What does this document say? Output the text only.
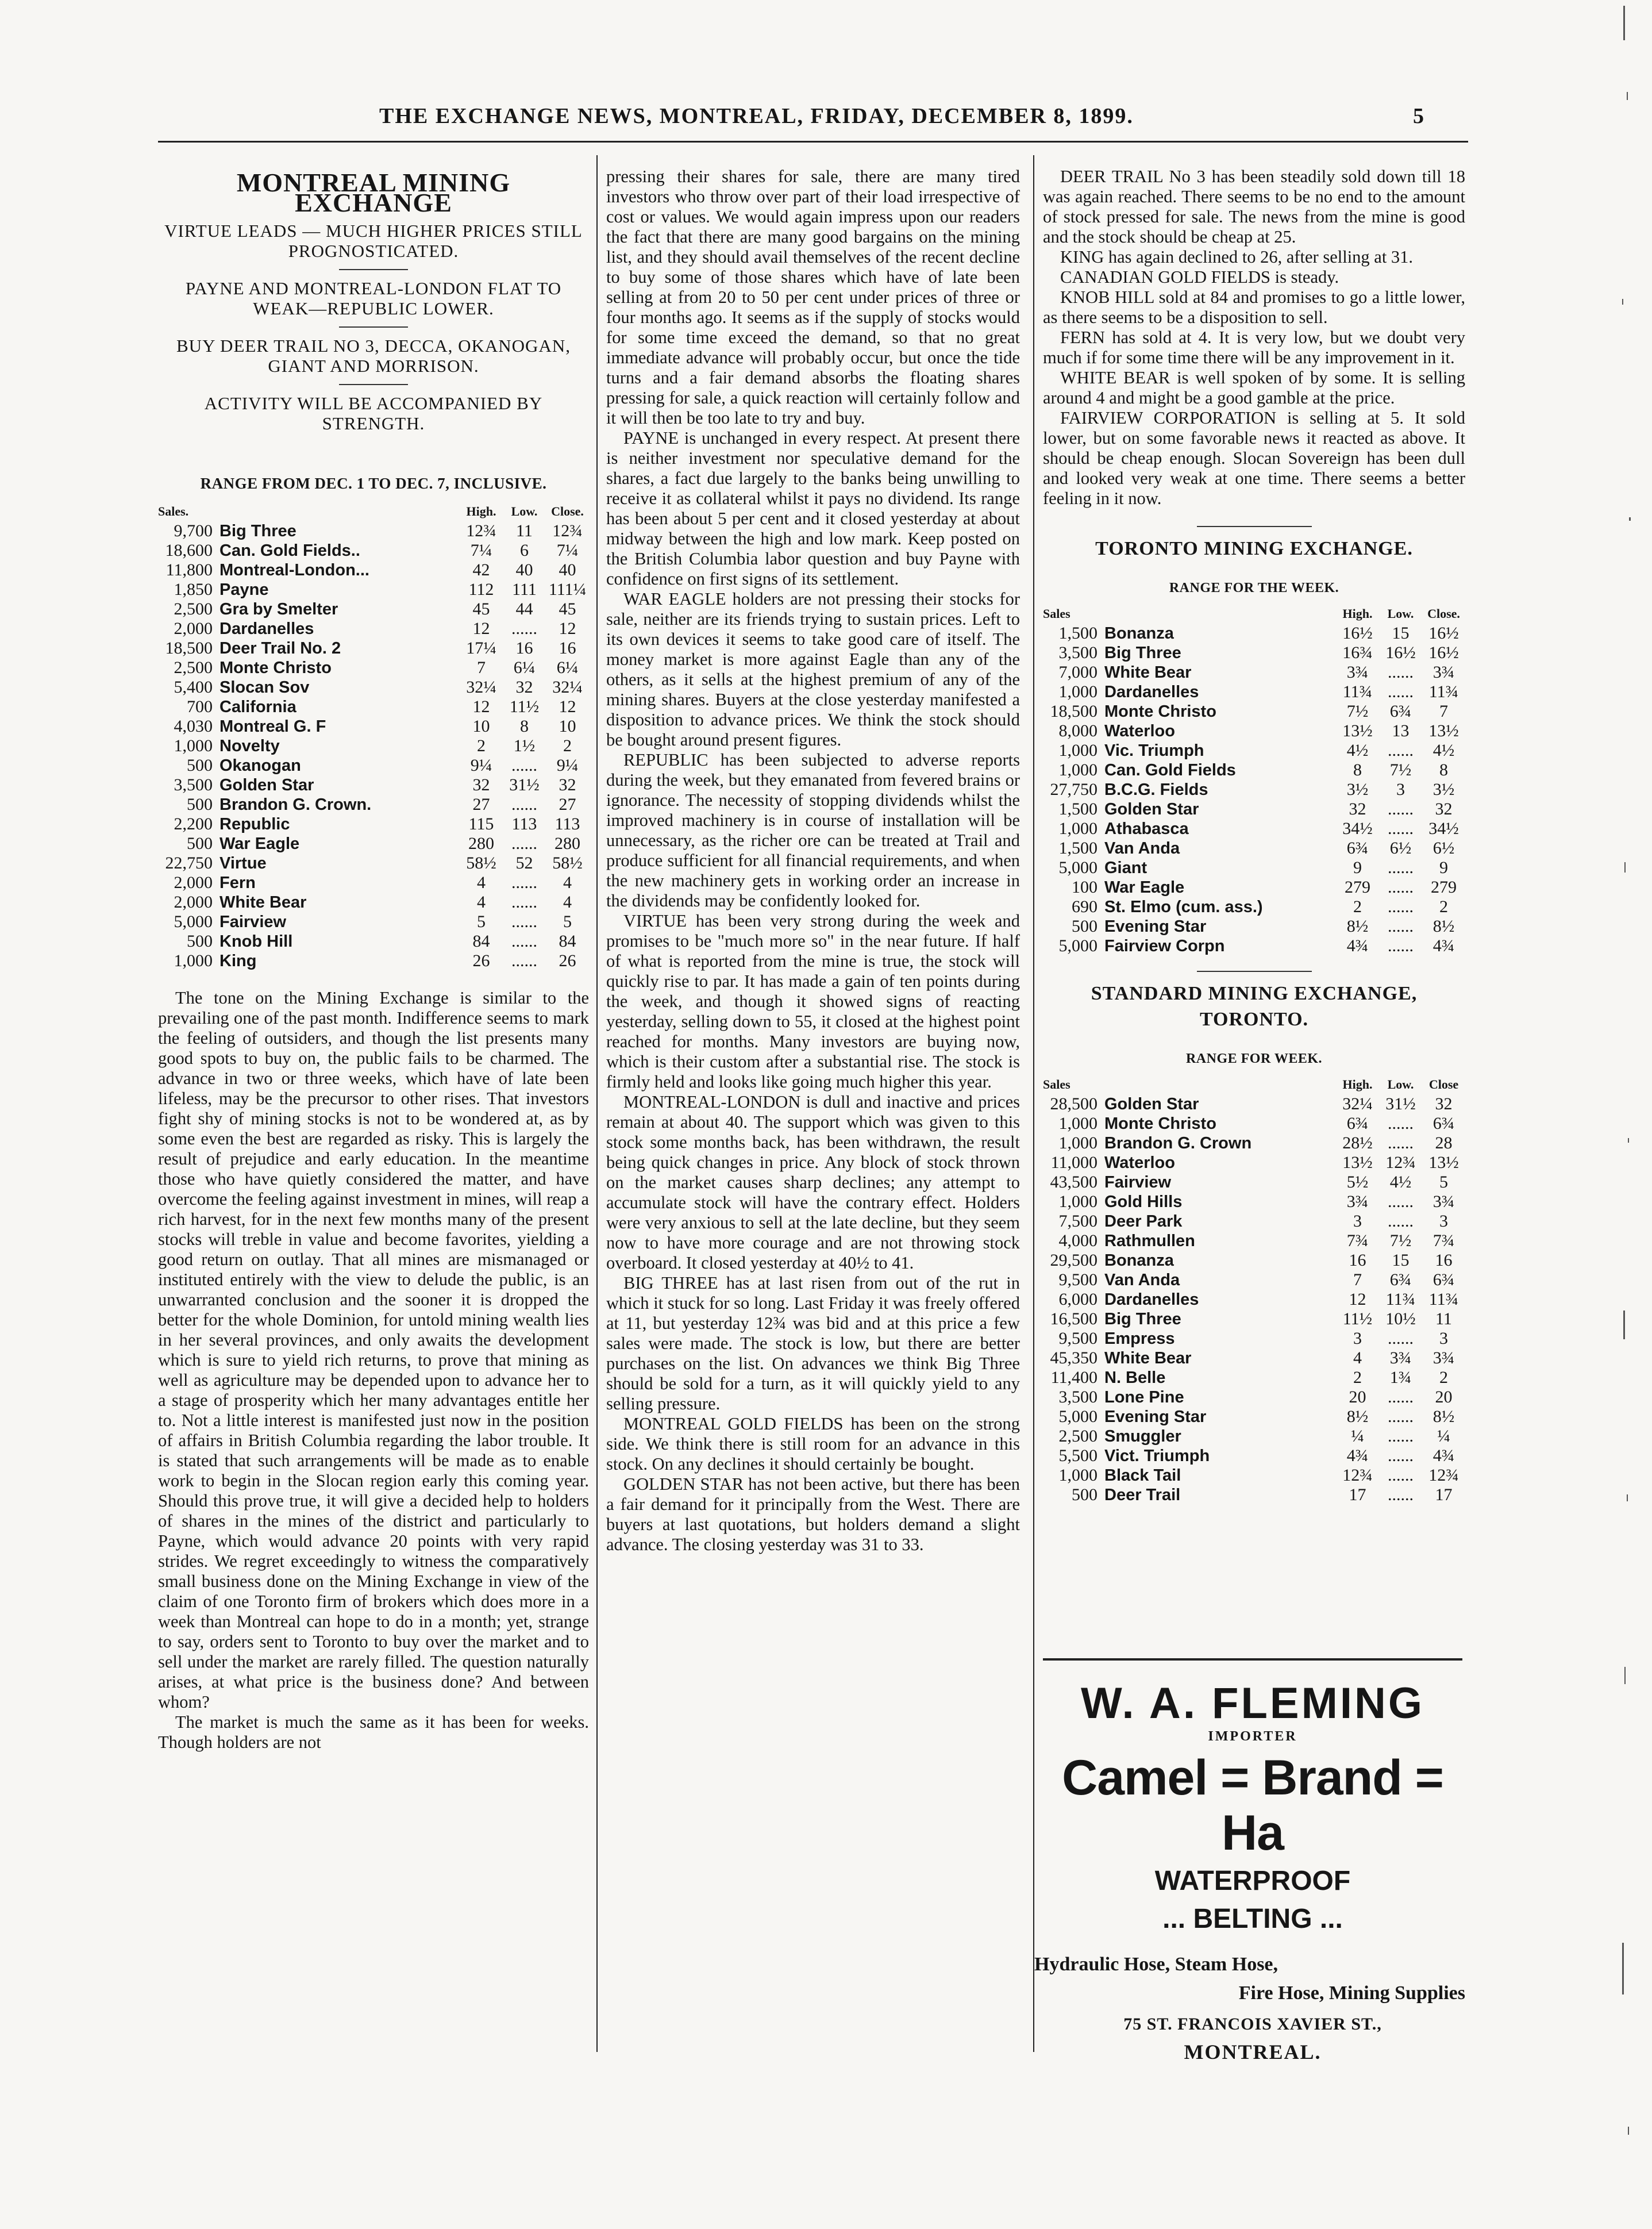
THE EXCHANGE NEWS, MONTREAL, FRIDAY, DECEMBER 8, 1899.	5
MONTREAL MINING EXCHANGE
VIRTUE LEADS — MUCH HIGHER PRICES STILL PROGNOSTICATED.
PAYNE AND MONTREAL-LONDON FLAT TO WEAK—REPUBLIC LOWER.
BUY DEER TRAIL NO 3, DECCA, OKANOGAN, GIANT AND MORRISON.
ACTIVITY WILL BE ACCOMPANIED BY STRENGTH.
RANGE FROM DEC. 1 TO DEC. 7, INCLUSIVE.
Sales.		High.	Low.	Close.
9,700	Big Three	12¾	11	12¾
18,600	Can. Gold Fields..	7¼	6	7¼
11,800	Montreal-London...	42	40	40
1,850	Payne	112	111	111¼
2,500	Gra by Smelter	45	44	45
2,000	Dardanelles	12	......	12
18,500	Deer Trail No. 2	17¼	16	16
2,500	Monte Christo	7	6¼	6¼
5,400	Slocan Sov	32¼	32	32¼
700	California	12	11½	12
4,030	Montreal G. F	10	8	10
1,000	Novelty	2	1½	2
500	Okanogan	9¼	......	9¼
3,500	Golden Star	32	31½	32
500	Brandon G. Crown.	27	......	27
2,200	Republic	115	113	113
500	War Eagle	280	......	280
22,750	Virtue	58½	52	58½
2,000	Fern	4	......	4
2,000	White Bear	4	......	4
5,000	Fairview	5	......	5
500	Knob Hill	84	......	84
1,000	King	26	......	26

The tone on the Mining Exchange is similar to the prevailing one of the past month. Indifference seems to mark the feeling of outsiders, and though the list presents many good spots to buy on, the public fails to be charmed. The advance in two or three weeks, which have of late been lifeless, may be the precursor to other rises. That investors fight shy of mining stocks is not to be wondered at, as by some even the best are regarded as risky. This is largely the result of prejudice and early education. In the meantime those who have quietly considered the matter, and have overcome the feeling against investment in mines, will reap a rich harvest, for in the next few months many of the present stocks will treble in value and become favorites, yielding a good return on outlay. That all mines are mismanaged or instituted entirely with the view to delude the public, is an unwarranted conclusion and the sooner it is dropped the better for the whole Dominion, for untold mining wealth lies in her several provinces, and only awaits the development which is sure to yield rich returns, to prove that mining as well as agriculture may be depended upon to advance her to a stage of prosperity which her many advantages entitle her to. Not a little interest is manifested just now in the position of affairs in British Columbia regarding the labor trouble. It is stated that such arrangements will be made as to enable work to begin in the Slocan region early this coming year. Should this prove true, it will give a decided help to holders of shares in the mines of the district and particularly to Payne, which would advance 20 points with very rapid strides. We regret exceedingly to witness the comparatively small business done on the Mining Exchange in view of the claim of one Toronto firm of brokers which does more in a week than Montreal can hope to do in a month; yet, strange to say, orders sent to Toronto to buy over the market and to sell under the market are rarely filled. The question naturally arises, at what price is the business done? And between whom?

The market is much the same as it has been for weeks. Though holders are not

pressing their shares for sale, there are many tired investors who throw over part of their load irrespective of cost or values. We would again impress upon our readers the fact that there are many good bargains on the mining list, and they should avail themselves of the recent decline to buy some of those shares which have of late been selling at from 20 to 50 per cent under prices of three or four months ago. It seems as if the supply of stocks would for some time exceed the demand, so that no great immediate advance will probably occur, but once the tide turns and a fair demand absorbs the floating shares pressing for sale, a quick reaction will certainly follow and it will then be too late to try and buy.

PAYNE is unchanged in every respect. At present there is neither investment nor speculative demand for the shares, a fact due largely to the banks being unwilling to receive it as collateral whilst it pays no dividend. Its range has been about 5 per cent and it closed yesterday at about midway between the high and low mark. Keep posted on the British Columbia labor question and buy Payne with confidence on first signs of its settlement.

WAR EAGLE holders are not pressing their stocks for sale, neither are its friends trying to sustain prices. Left to its own devices it seems to take good care of itself. The money market is more against Eagle than any of the others, as it sells at the highest premium of any of the mining shares. Buyers at the close yesterday manifested a disposition to advance prices. We think the stock should be bought around present figures.

REPUBLIC has been subjected to adverse reports during the week, but they emanated from fevered brains or ignorance. The necessity of stopping dividends whilst the improved machinery is in course of installation will be unnecessary, as the richer ore can be treated at Trail and produce sufficient for all financial requirements, and when the new machinery gets in working order an increase in the dividends may be confidently looked for.

VIRTUE has been very strong during the week and promises to be "much more so" in the near future. If half of what is reported from the mine is true, the stock will quickly rise to par. It has made a gain of ten points during the week, and though it showed signs of reacting yesterday, selling down to 55, it closed at the highest point reached for months. Many investors are buying now, which is their custom after a substantial rise. The stock is firmly held and looks like going much higher this year.

MONTREAL-LONDON is dull and inactive and prices remain at about 40. The support which was given to this stock some months back, has been withdrawn, the result being quick changes in price. Any block of stock thrown on the market causes sharp declines; any attempt to accumulate stock will have the contrary effect. Holders were very anxious to sell at the late decline, but they seem now to have more courage and are not throwing stock overboard. It closed yesterday at 40½ to 41.

BIG THREE has at last risen from out of the rut in which it stuck for so long. Last Friday it was freely offered at 11, but yesterday 12¾ was bid and at this price a few sales were made. The stock is low, but there are better purchases on the list. On advances we think Big Three should be sold for a turn, as it will quickly yield to any selling pressure.

MONTREAL GOLD FIELDS has been on the strong side. We think there is still room for an advance in this stock. On any declines it should certainly be bought.

GOLDEN STAR has not been active, but there has been a fair demand for it principally from the West. There are buyers at last quotations, but holders demand a slight advance. The closing yesterday was 31 to 33.

DEER TRAIL No 3 has been steadily sold down till 18 was again reached. There seems to be no end to the amount of stock pressed for sale. The news from the mine is good and the stock should be cheap at 25.

KING has again declined to 26, after selling at 31.

CANADIAN GOLD FIELDS is steady.

KNOB HILL sold at 84 and promises to go a little lower, as there seems to be a disposition to sell.

FERN has sold at 4. It is very low, but we doubt very much if for some time there will be any improvement in it.

WHITE BEAR is well spoken of by some. It is selling around 4 and might be a good gamble at the price.

FAIRVIEW CORPORATION is selling at 5. It sold lower, but on some favorable news it reacted as above. It should be cheap enough. Slocan Sovereign has been dull and looked very weak at one time. There seems a better feeling in it now.

TORONTO MINING EXCHANGE.
RANGE FOR THE WEEK.
Sales		High.	Low.	Close.
1,500	Bonanza	16½	15	16½
3,500	Big Three	16¾	16½	16½
7,000	White Bear	3¾	......	3¾
1,000	Dardanelles	11¾	......	11¾
18,500	Monte Christo	7½	6¾	7
8,000	Waterloo	13½	13	13½
1,000	Vic. Triumph	4½	......	4½
1,000	Can. Gold Fields	8	7½	8
27,750	B.C.G. Fields	3½	3	3½
1,500	Golden Star	32	......	32
1,000	Athabasca	34½	......	34½
1,500	Van Anda	6¾	6½	6½
5,000	Giant	9	......	9
100	War Eagle	279	......	279
690	St. Elmo (cum. ass.)	2	......	2
500	Evening Star	8½	......	8½
5,000	Fairview Corpn	4¾	......	4¾
STANDARD MINING EXCHANGE,
TORONTO.
RANGE FOR WEEK.
Sales		High.	Low.	Close
28,500	Golden Star	32¼	31½	32
1,000	Monte Christo	6¾	......	6¾
1,000	Brandon G. Crown	28½	......	28
11,000	Waterloo	13½	12¾	13½
43,500	Fairview	5½	4½	5
1,000	Gold Hills	3¾	......	3¾
7,500	Deer Park	3	......	3
4,000	Rathmullen	7¾	7½	7¾
29,500	Bonanza	16	15	16
9,500	Van Anda	7	6¾	6¾
6,000	Dardanelles	12	11¾	11¾
16,500	Big Three	11½	10½	11
9,500	Empress	3	......	3
45,350	White Bear	4	3¾	3¾
11,400	N. Belle	2	1¾	2
3,500	Lone Pine	20	......	20
5,000	Evening Star	8½	......	8½
2,500	Smuggler	¼	......	¼
5,500	Vict. Triumph	4¾	......	4¾
1,000	Black Tail	12¾	......	12¾
500	Deer Trail	17	......	17

W. A. FLEMING

IMPORTER

Camel = Brand = Ha

WATERPROOF

... BELTING ...

Hydraulic Hose, Steam Hose,

Fire Hose, Mining Supplies

75 ST. FRANCOIS XAVIER ST.,

MONTREAL.
